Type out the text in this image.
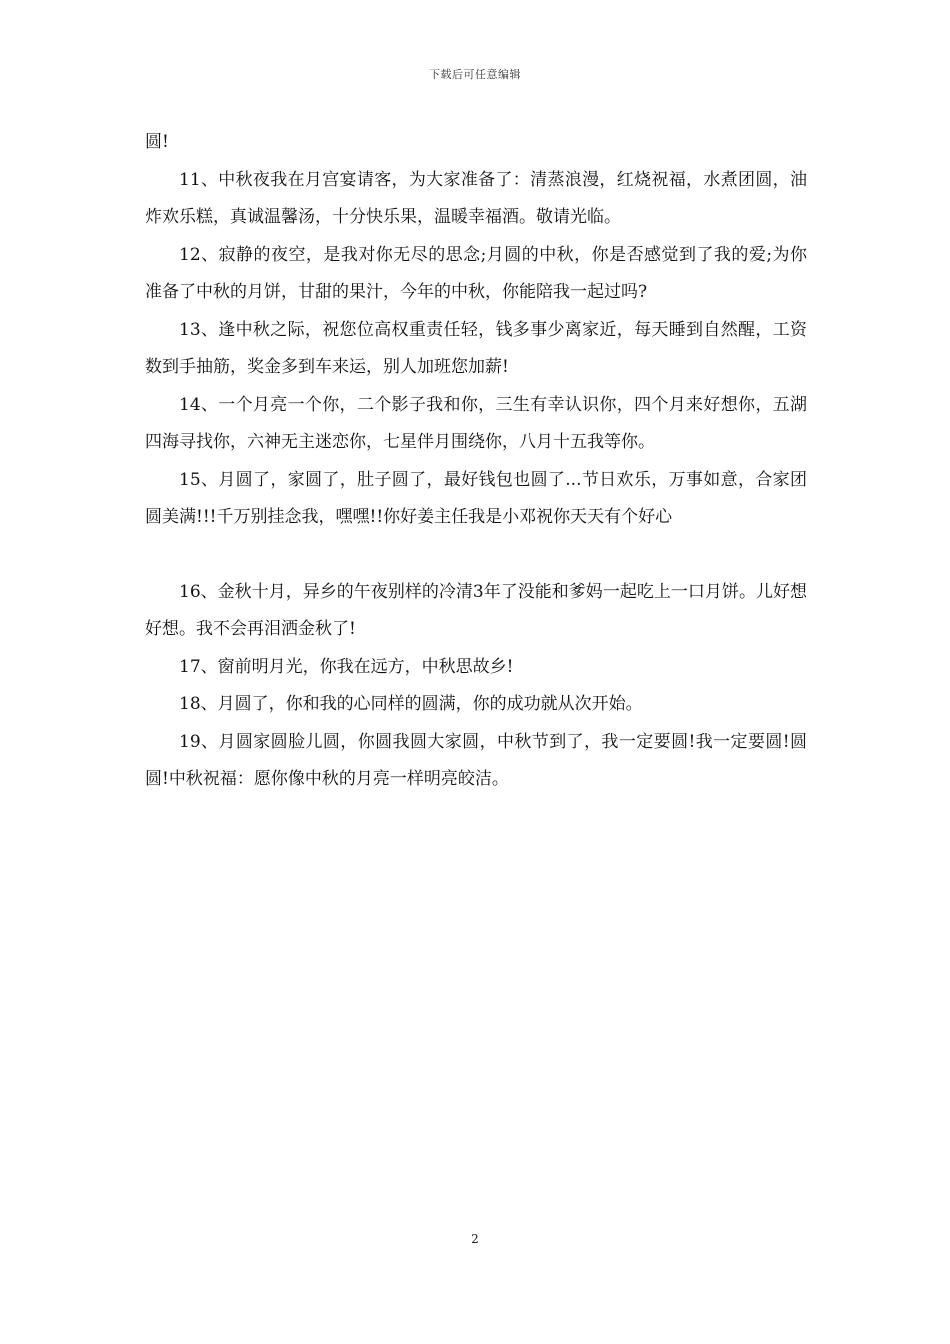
下载后可任意编辑

圆!

11、中秋夜我在月宫宴请客，为大家准备了：清蒸浪漫，红烧祝福，水煮团圆，油炸欢乐糕，真诚温馨汤，十分快乐果，温暖幸福酒。敬请光临。

12、寂静的夜空，是我对你无尽的思念;月圆的中秋，你是否感觉到了我的爱;为你准备了中秋的月饼，甘甜的果汁，今年的中秋，你能陪我一起过吗?

13、逢中秋之际，祝您位高权重责任轻，钱多事少离家近，每天睡到自然醒，工资数到手抽筋，奖金多到车来运，别人加班您加薪!

14、一个月亮一个你，二个影子我和你，三生有幸认识你，四个月来好想你，五湖四海寻找你，六神无主迷恋你，七星伴月围绕你，八月十五我等你。

15、月圆了，家圆了，肚子圆了，最好钱包也圆了...节日欢乐，万事如意，合家团圆美满!!!千万别挂念我，嘿嘿!!你好姜主任我是小邓祝你天天有个好心

16、金秋十月，异乡的午夜别样的冷清3年了没能和爹妈一起吃上一口月饼。儿好想好想。我不会再泪洒金秋了!

17、窗前明月光，你我在远方，中秋思故乡!

18、月圆了，你和我的心同样的圆满，你的成功就从次开始。

19、月圆家圆脸儿圆，你圆我圆大家圆，中秋节到了，我一定要圆!我一定要圆!圆圆!中秋祝福：愿你像中秋的月亮一样明亮皎洁。

2
